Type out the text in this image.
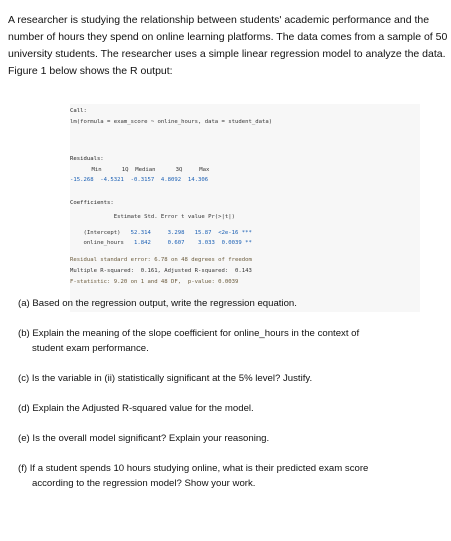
A researcher is studying the relationship between students' academic performance and the number of hours they spend on online learning platforms. The data comes from a sample of 50 university students. The researcher uses a simple linear regression model to analyze the data. Figure 1 below shows the R output:
Call:
lm(formula = exam_score ~ online_hours, data = student_data)
Residuals:
Min      1Q  Median      3Q     Max
-15.268  -4.5321  -0.3157  4.8092  14.306
Coefficients:
Estimate Std. Error t value Pr(>|t|)

(Intercept)   52.314     3.298   15.87  <2e-16 ***

online_hours   1.842     0.607    3.033  0.0039 **

Residual standard error: 6.78 on 48 degrees of freedom
Multiple R-squared:  0.161, Adjusted R-squared:  0.143
F-statistic: 9.20 on 1 and 48 DF,  p-value: 0.0039
(a) Based on the regression output, write the regression equation.
(b) Explain the meaning of the slope coefficient for online_hours in the context of
student exam performance.
(c) Is the variable in (ii) statistically significant at the 5% level? Justify.
(d) Explain the Adjusted R-squared value for the model.
(e) Is the overall model significant? Explain your reasoning.
(f) If a student spends 10 hours studying online, what is their predicted exam score
according to the regression model? Show your work.
